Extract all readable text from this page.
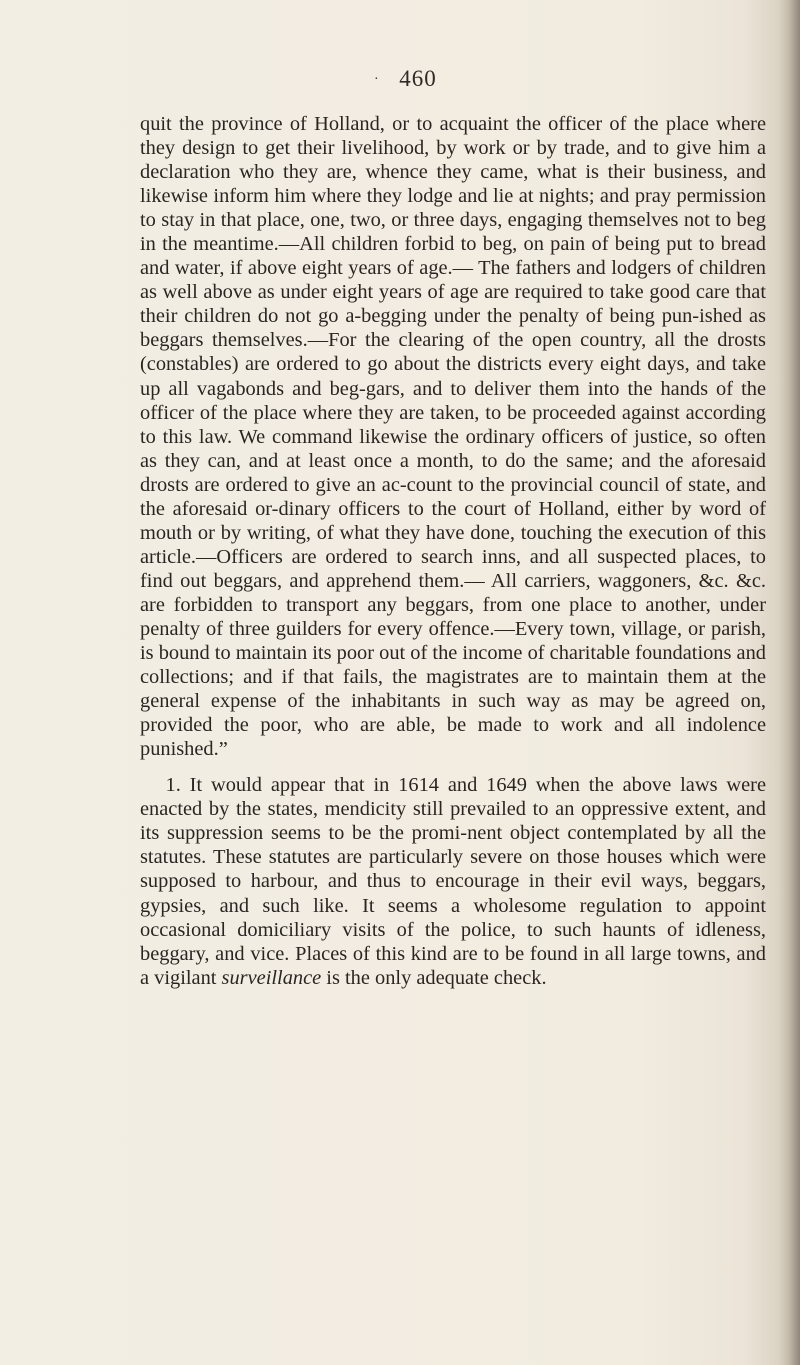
· 460

quit the province of Holland, or to acquaint the officer of the place where they design to get their livelihood, by work or by trade, and to give him a declaration who they are, whence they came, what is their business, and likewise inform him where they lodge and lie at nights; and pray permission to stay in that place, one, two, or three days, engaging themselves not to beg in the meantime.—All children forbid to beg, on pain of being put to bread and water, if above eight years of age.— The fathers and lodgers of children as well above as under eight years of age are required to take good care that their children do not go a-begging under the penalty of being pun-ished as beggars themselves.—For the clearing of the open country, all the drosts (constables) are ordered to go about the districts every eight days, and take up all vagabonds and beg-gars, and to deliver them into the hands of the officer of the place where they are taken, to be proceeded against according to this law. We command likewise the ordinary officers of justice, so often as they can, and at least once a month, to do the same; and the aforesaid drosts are ordered to give an ac-count to the provincial council of state, and the aforesaid or-dinary officers to the court of Holland, either by word of mouth or by writing, of what they have done, touching the execution of this article.—Officers are ordered to search inns, and all suspected places, to find out beggars, and apprehend them.— All carriers, waggoners, &c. &c. are forbidden to transport any beggars, from one place to another, under penalty of three guilders for every offence.—Every town, village, or parish, is bound to maintain its poor out of the income of charitable foundations and collections; and if that fails, the magistrates are to maintain them at the general expense of the inhabitants in such way as may be agreed on, provided the poor, who are able, be made to work and all indolence punished.”

1. It would appear that in 1614 and 1649 when the above laws were enacted by the states, mendicity still prevailed to an oppressive extent, and its suppression seems to be the promi-nent object contemplated by all the statutes. These statutes are particularly severe on those houses which were supposed to harbour, and thus to encourage in their evil ways, beggars, gypsies, and such like. It seems a wholesome regulation to appoint occasional domiciliary visits of the police, to such haunts of idleness, beggary, and vice. Places of this kind are to be found in all large towns, and a vigilant surveillance is the only adequate check.
